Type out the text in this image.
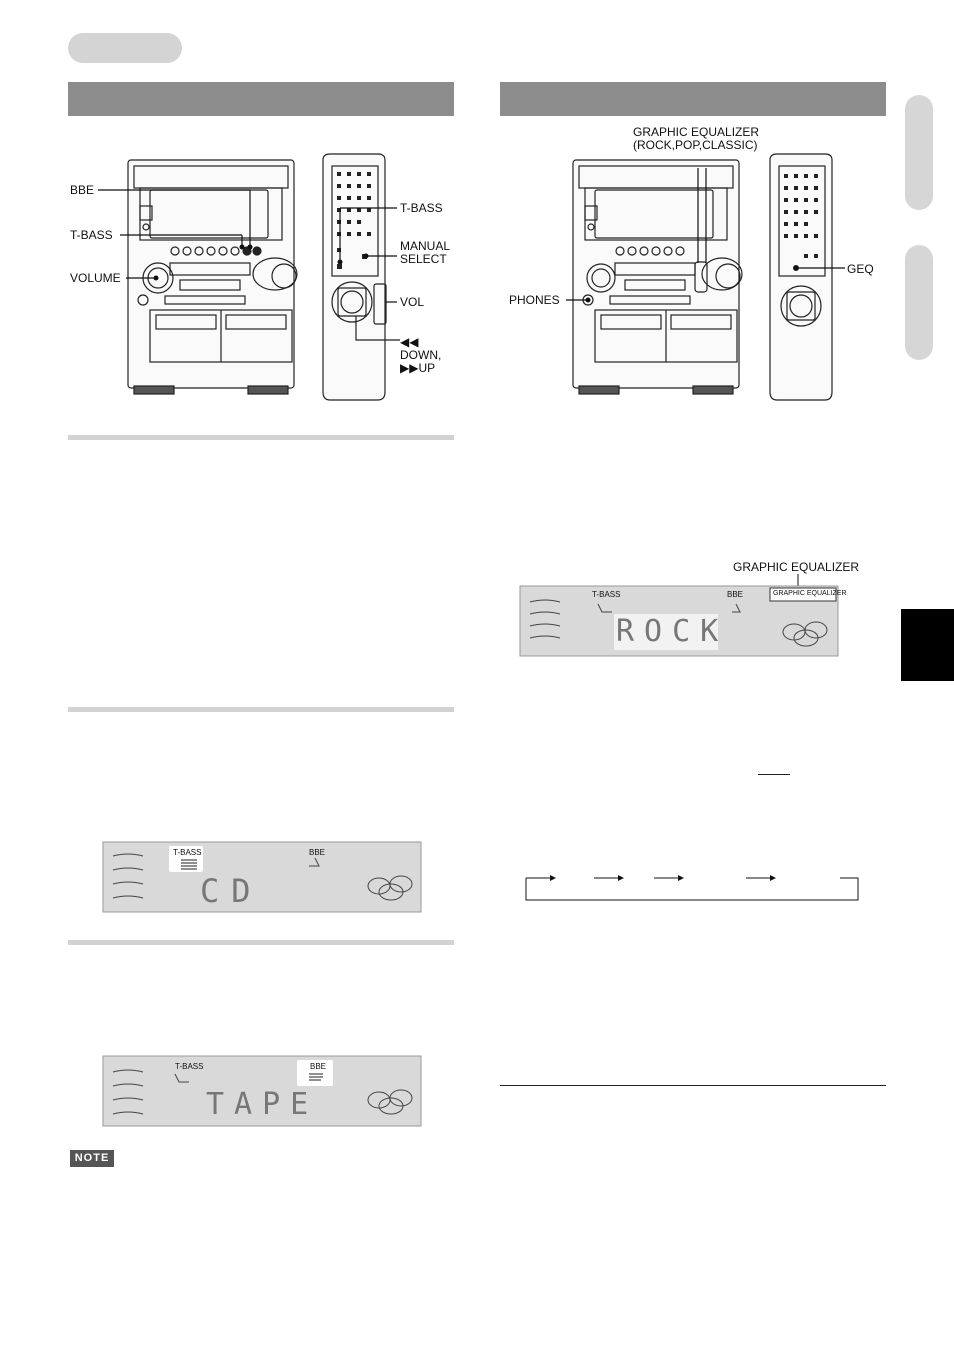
BBE
T-BASS
VOLUME
T-BASS
MANUAL
SELECT
VOL
◀◀
DOWN,
▶▶UP
GRAPHIC EQUALIZER
(ROCK,POP,CLASSIC)
PHONES
GEQ
GRAPHIC EQUALIZER
T-BASS	BBE	GRAPHIC EQUALIZER
ROCK
T-BASS	BBE
CD
T-BASS	BBE
TAPE
NOTE
